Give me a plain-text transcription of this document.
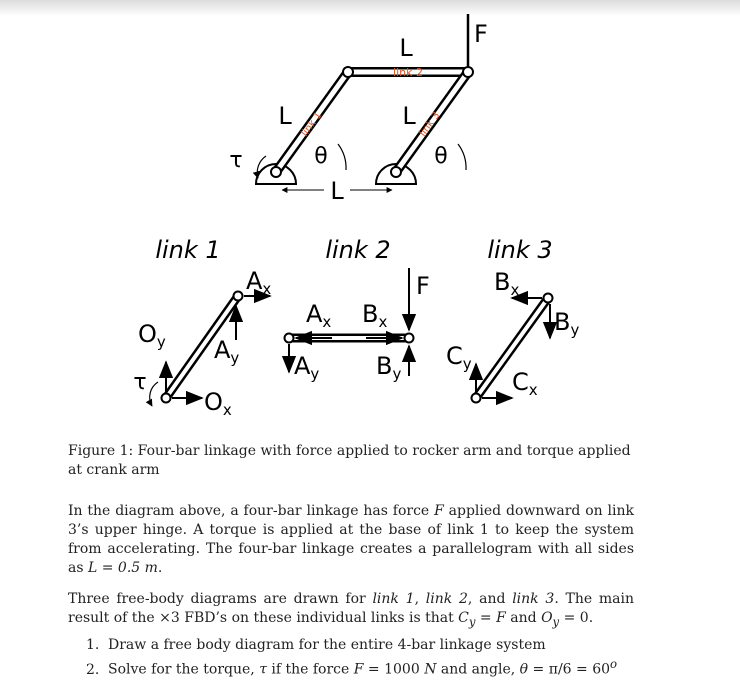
link 2
link 1	link 3
F
L
L	L
L
θ	θ
τ
link 1	link 2	link 3
$A_x$
$A_y$
$O_x$
$O_y$
τ
$A_x$ $B_x$
$A_y$ $B_y$
F	$B_x$
$B_y$
$C_x$
$C_y$
Figure 1: Four-bar linkage with force applied to rocker arm and torque applied at crank arm
In the diagram above, a four-bar linkage has force F applied downward on link 3’s upper hinge. A torque is applied at the base of link 1 to keep the system from accelerating. The four-bar linkage creates a parallelogram with all sides as L = 0.5 m.
Three free-body diagrams are drawn for link 1, link 2, and link 3. The main result of the ×3 FBD’s on these individual links is that $C_y = F$ and $O_y = 0$.
1. Draw a free body diagram for the entire 4-bar linkage system
2. Solve for the torque, τ if the force F = 1000 N and angle, $\theta = \pi/6 = 60^o$
